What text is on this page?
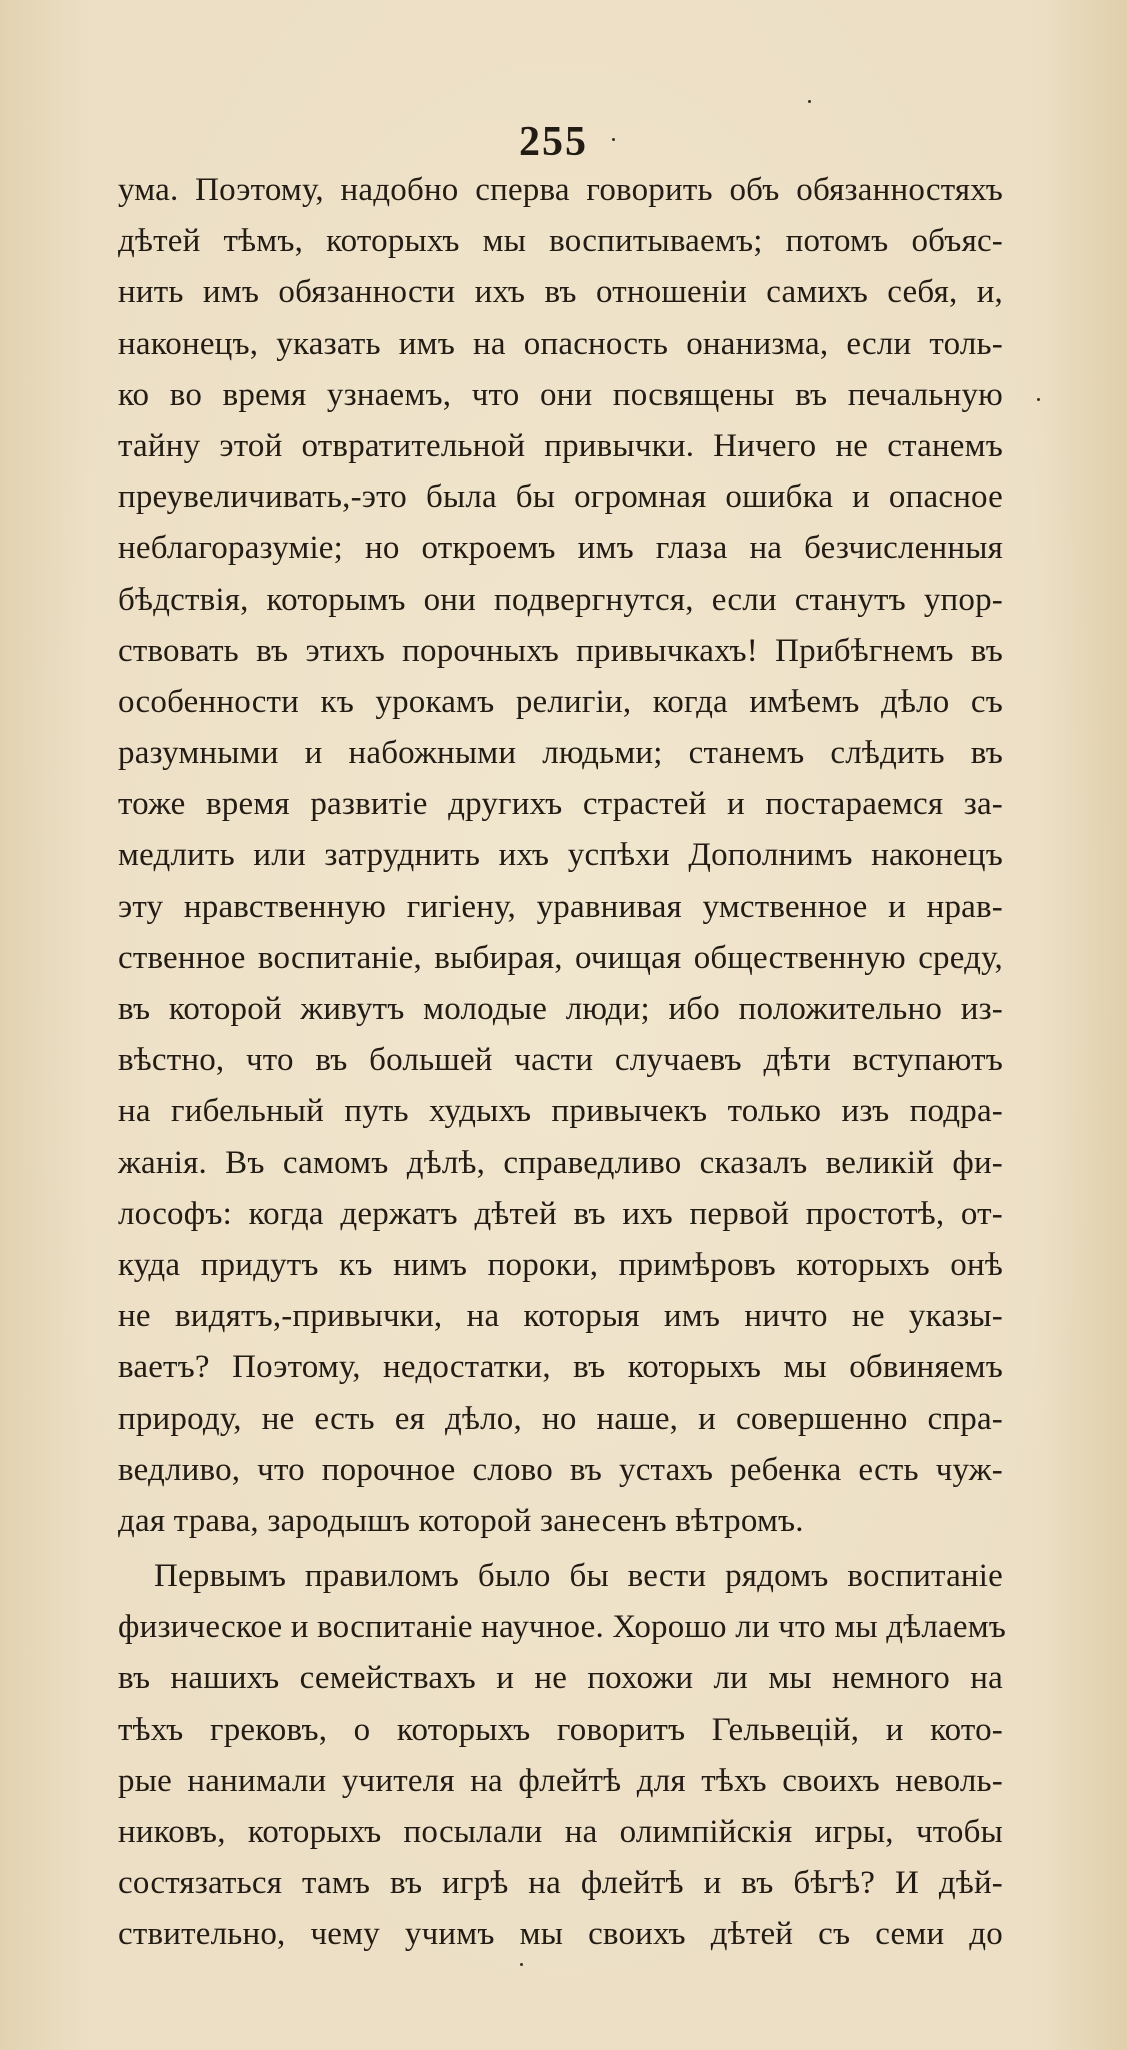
255
ума. Поэтому, надобно сперва говорить объ обязанностяхъ
дѣтей тѣмъ, которыхъ мы воспитываемъ; потомъ объяс-
нить имъ обязанности ихъ въ отношеніи самихъ себя, и,
наконецъ, указать имъ на опасность онанизма, если толь-
ко во время узнаемъ, что они посвящены въ печальную
тайну этой отвратительной привычки. Ничего не станемъ
преувеличивать,-это была бы огромная ошибка и опасное
неблагоразуміе; но откроемъ имъ глаза на безчисленныя
бѣдствія, которымъ они подвергнутся, если станутъ упор-
ствовать въ этихъ порочныхъ привычкахъ! Прибѣгнемъ въ
особенности къ урокамъ религіи, когда имѣемъ дѣло съ
разумными и набожными людьми; станемъ слѣдить въ
тоже время развитіе другихъ страстей и постараемся за-
медлить или затруднить ихъ успѣхи Дополнимъ наконецъ
эту нравственную гигіену, уравнивая умственное и нрав-
ственное воспитаніе, выбирая, очищая общественную среду,
въ которой живутъ молодые люди; ибо положительно из-
вѣстно, что въ большей части случаевъ дѣти вступаютъ
на гибельный путь худыхъ привычекъ только изъ подра-
жанія. Въ самомъ дѣлѣ, справедливо сказалъ великій фи-
лософъ: когда держатъ дѣтей въ ихъ первой простотѣ, от-
куда придутъ къ нимъ пороки, примѣровъ которыхъ онѣ
не видятъ,-привычки, на которыя имъ ничто не указы-
ваетъ? Поэтому, недостатки, въ которыхъ мы обвиняемъ
природу, не есть ея дѣло, но наше, и совершенно спра-
ведливо, что порочное слово въ устахъ ребенка есть чуж-
дая трава, зародышъ которой занесенъ вѣтромъ.
Первымъ правиломъ было бы вести рядомъ воспитаніе
физическое и воспитаніе научное. Хорошо ли что мы дѣлаемъ
въ нашихъ семействахъ и не похожи ли мы немного на
тѣхъ грековъ, о которыхъ говоритъ Гельвецій, и кото-
рые нанимали учителя на флейтѣ для тѣхъ своихъ неволь-
никовъ, которыхъ посылали на олимпійскія игры, чтобы
состязаться тамъ въ игрѣ на флейтѣ и въ бѣгѣ? И дѣй-
ствительно, чему учимъ мы своихъ дѣтей съ семи до
